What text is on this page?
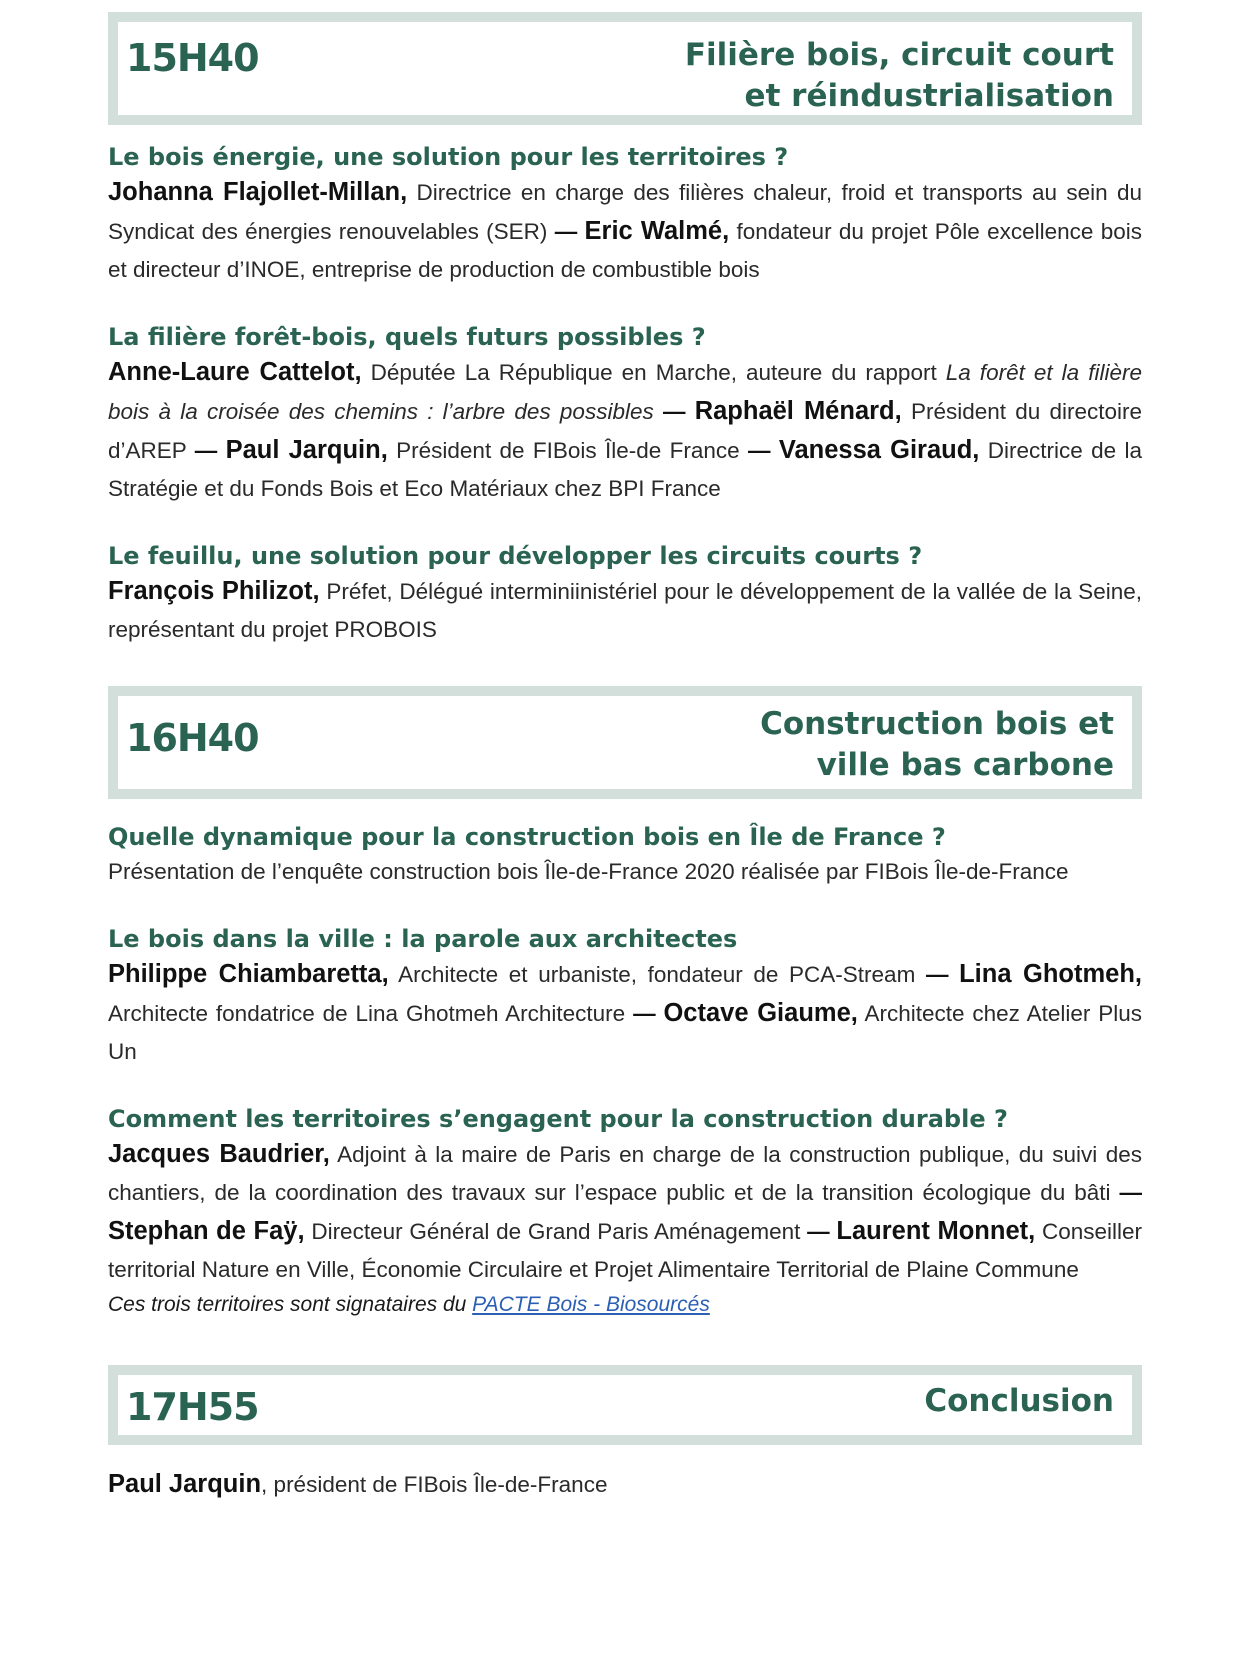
15H40	Filière bois, circuit court
et réindustrialisation
Le bois énergie, une solution pour les territoires ?

Johanna Flajollet-Millan, Directrice en charge des filières chaleur, froid et transports au sein du Syndicat des énergies renouvelables (SER) — Eric Walmé, fondateur du projet Pôle excellence bois et directeur d’INOE, entreprise de production de combustible bois

La filière forêt-bois, quels futurs possibles ?

Anne-Laure Cattelot, Députée La République en Marche, auteure du rapport La forêt et la filière bois à la croisée des chemins : l’arbre des possibles — Raphaël Ménard, Président du directoire d’AREP — Paul Jarquin, Président de FIBois Île-de France — Vanessa Giraud, Directrice de la Stratégie et du Fonds Bois et Eco Matériaux chez BPI France

Le feuillu, une solution pour développer les circuits courts ?

François Philizot, Préfet, Délégué interminiinistériel pour le développement de la vallée de la Seine, représentant du projet PROBOIS

16H40	Construction bois et
ville bas carbone
Quelle dynamique pour la construction bois en Île de France ?

Présentation de l’enquête construction bois Île-de-France 2020 réalisée par FIBois Île-de-France

Le bois dans la ville : la parole aux architectes

Philippe Chiambaretta, Architecte et urbaniste, fondateur de PCA-Stream — Lina Ghotmeh, Architecte fondatrice de Lina Ghotmeh Architecture — Octave Giaume, Architecte chez Atelier Plus Un

Comment les territoires s’engagent pour la construction durable ?

Jacques Baudrier, Adjoint à la maire de Paris en charge de la construction publique, du suivi des chantiers, de la coordination des travaux sur l’espace public et de la transition écologique du bâti — Stephan de Faÿ, Directeur Général de Grand Paris Aménagement — Laurent Monnet, Conseiller territorial Nature en Ville, Économie Circulaire et Projet Alimentaire Territorial de Plaine Commune

Ces trois territoires sont signataires du PACTE Bois - Biosourcés

17H55	Conclusion

Paul Jarquin, président de FIBois Île-de-France
